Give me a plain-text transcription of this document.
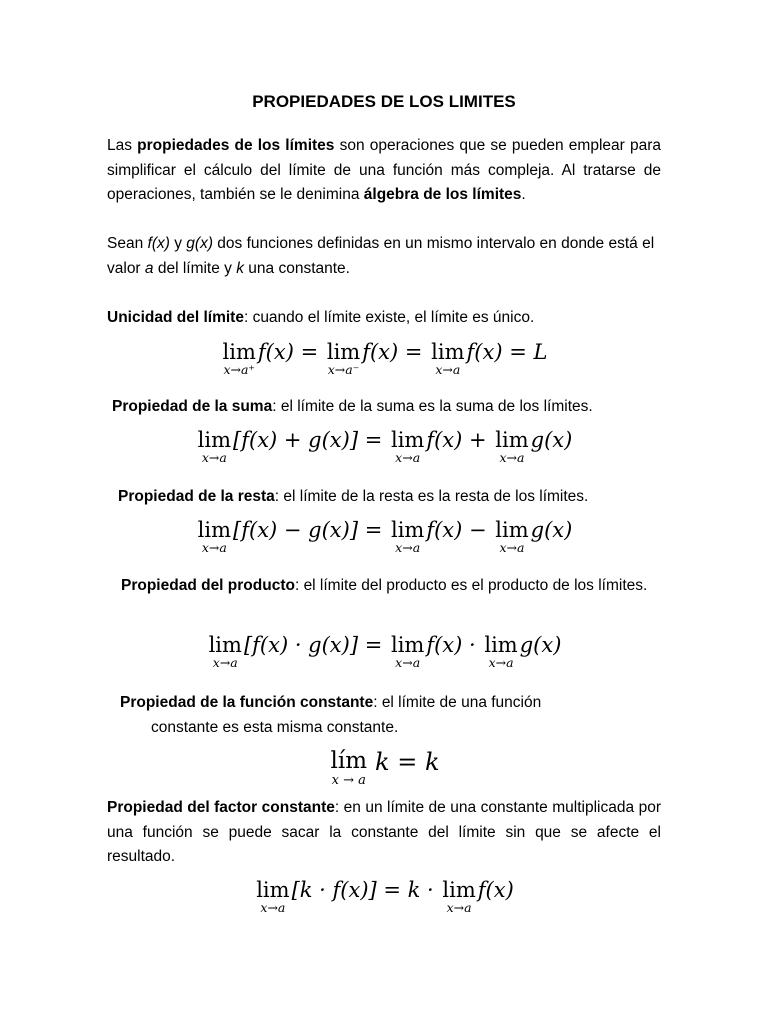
PROPIEDADES DE LOS LIMITES

Las propiedades de los límites son operaciones que se pueden emplear para simplificar el cálculo del límite de una función más compleja. Al tratarse de operaciones, también se le denimina álgebra de los límites.

Sean f(x) y g(x) dos funciones definidas en un mismo intervalo en donde está el valor a del límite y k una constante.

Unicidad del límite: cuando el límite existe, el límite es único.

lim
x→a⁺
f(x) = lim
x→a⁻
f(x) = lim
x→a
f(x) = L

Propiedad de la suma: el límite de la suma es la suma de los límites.

lim
x→a
[f(x) + g(x)] = lim
x→a
f(x) + lim
x→a
g(x)

Propiedad de la resta: el límite de la resta es la resta de los límites.

lim
x→a
[f(x) − g(x)] = lim
x→a
f(x) − lim
x→a
g(x)

Propiedad del producto: el límite del producto es el producto de los límites.

lim
x→a
[f(x) · g(x)] = lim
x→a
f(x) · lim
x→a
g(x)

Propiedad de la función constante: el límite de una función

constante es esta misma constante.

lím
x → a
k = k

Propiedad del factor constante: en un límite de una constante multiplicada por una función se puede sacar la constante del límite sin que se afecte el resultado.

lim
x→a
[k · f(x)] = k · lim
x→a
f(x)
